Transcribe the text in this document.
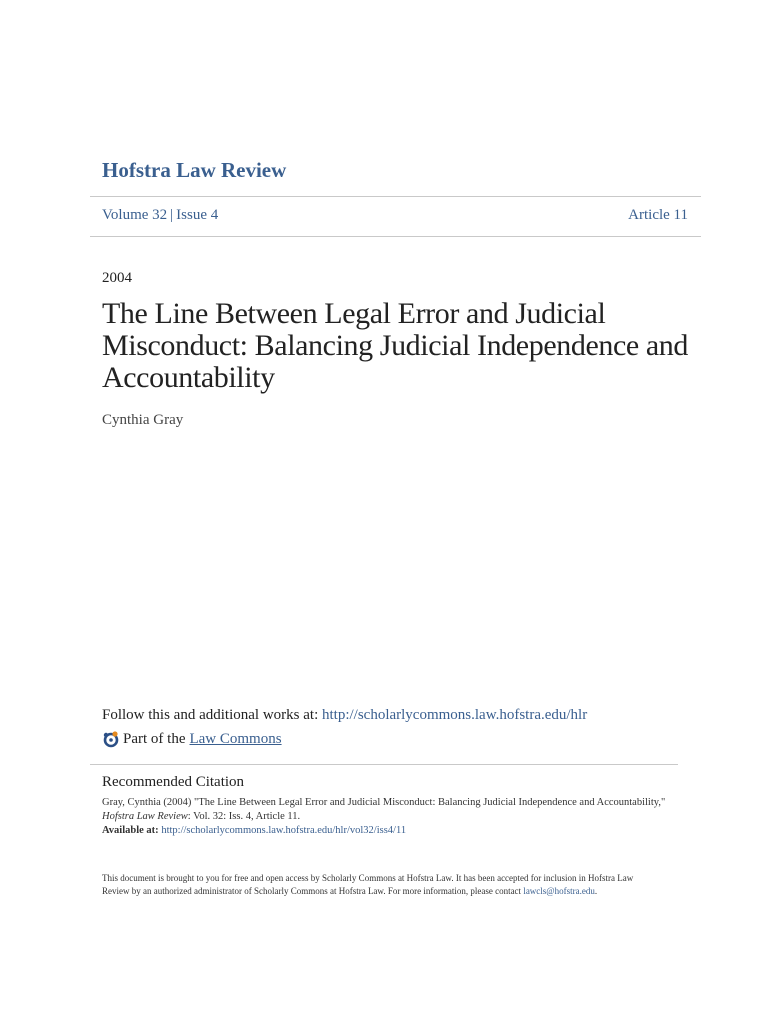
Hofstra Law Review
Volume 32 | Issue 4	Article 11
2004
The Line Between Legal Error and Judicial Misconduct: Balancing Judicial Independence and Accountability
Cynthia Gray
Follow this and additional works at: http://scholarlycommons.law.hofstra.edu/hlr
Part of the Law Commons
Recommended Citation
Gray, Cynthia (2004) "The Line Between Legal Error and Judicial Misconduct: Balancing Judicial Independence and Accountability,"
Hofstra Law Review: Vol. 32: Iss. 4, Article 11.
Available at: http://scholarlycommons.law.hofstra.edu/hlr/vol32/iss4/11
This document is brought to you for free and open access by Scholarly Commons at Hofstra Law. It has been accepted for inclusion in Hofstra Law Review by an authorized administrator of Scholarly Commons at Hofstra Law. For more information, please contact lawcls@hofstra.edu.
